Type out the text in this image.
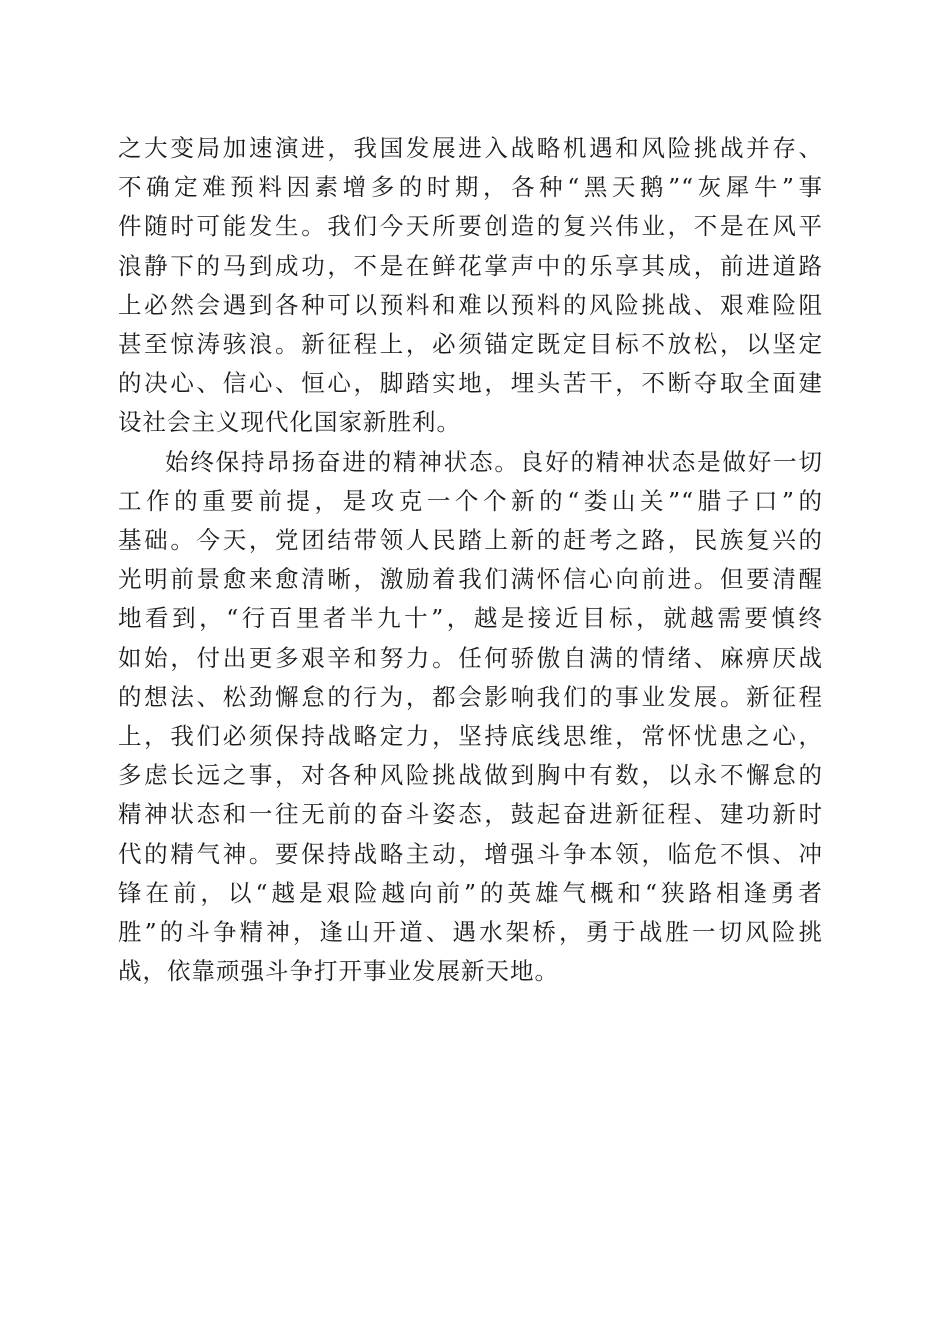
之大变局加速演进，我国发展进入战略机遇和风险挑战并存、
不确定难预料因素增多的时期，各种“黑天鹅”“灰犀牛”事
件随时可能发生。我们今天所要创造的复兴伟业，不是在风平
浪静下的马到成功，不是在鲜花掌声中的乐享其成，前进道路
上必然会遇到各种可以预料和难以预料的风险挑战、艰难险阻
甚至惊涛骇浪。新征程上，必须锚定既定目标不放松，以坚定
的决心、信心、恒心，脚踏实地，埋头苦干，不断夺取全面建
设社会主义现代化国家新胜利。
始终保持昂扬奋进的精神状态。良好的精神状态是做好一切
工作的重要前提，是攻克一个个新的“娄山关”“腊子口”的
基础。今天，党团结带领人民踏上新的赶考之路，民族复兴的
光明前景愈来愈清晰，激励着我们满怀信心向前进。但要清醒
地看到，“行百里者半九十”，越是接近目标，就越需要慎终
如始，付出更多艰辛和努力。任何骄傲自满的情绪、麻痹厌战
的想法、松劲懈怠的行为，都会影响我们的事业发展。新征程
上，我们必须保持战略定力，坚持底线思维，常怀忧患之心，
多虑长远之事，对各种风险挑战做到胸中有数，以永不懈怠的
精神状态和一往无前的奋斗姿态，鼓起奋进新征程、建功新时
代的精气神。要保持战略主动，增强斗争本领，临危不惧、冲
锋在前，以“越是艰险越向前”的英雄气概和“狭路相逢勇者
胜”的斗争精神，逢山开道、遇水架桥，勇于战胜一切风险挑
战，依靠顽强斗争打开事业发展新天地。
